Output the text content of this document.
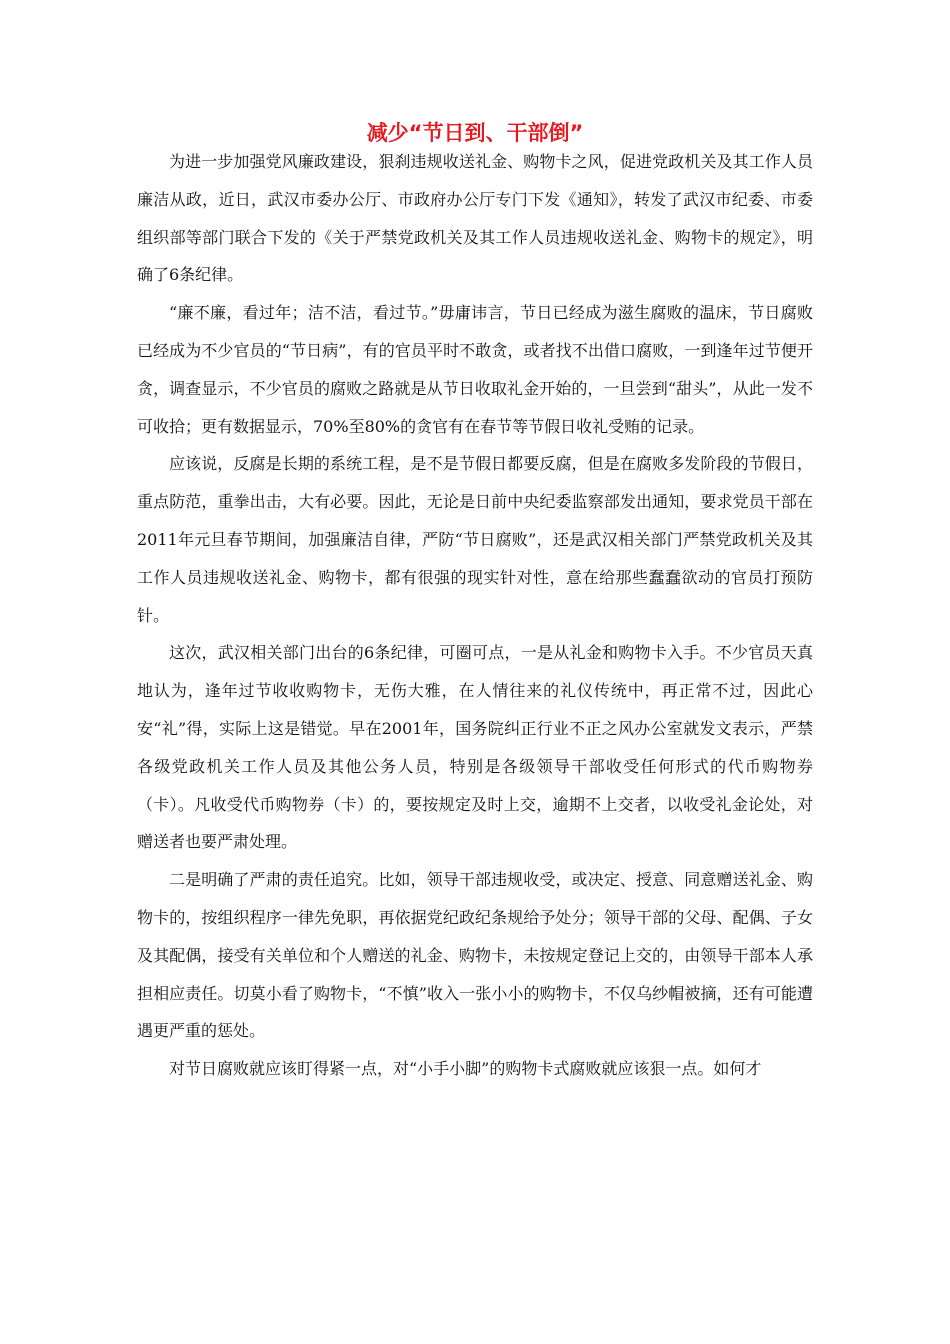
减少“节日到、干部倒”

为进一步加强党风廉政建设，狠刹违规收送礼金、购物卡之风，促进党政机关及其工作人员廉洁从政，近日，武汉市委办公厅、市政府办公厅专门下发《通知》，转发了武汉市纪委、市委组织部等部门联合下发的《关于严禁党政机关及其工作人员违规收送礼金、购物卡的规定》，明确了6条纪律。

“廉不廉，看过年；洁不洁，看过节。”毋庸讳言，节日已经成为滋生腐败的温床，节日腐败已经成为不少官员的“节日病”，有的官员平时不敢贪，或者找不出借口腐败，一到逢年过节便开贪，调查显示，不少官员的腐败之路就是从节日收取礼金开始的，一旦尝到“甜头”，从此一发不可收拾；更有数据显示，70%至80%的贪官有在春节等节假日收礼受贿的记录。

应该说，反腐是长期的系统工程，是不是节假日都要反腐，但是在腐败多发阶段的节假日，重点防范，重拳出击，大有必要。因此，无论是日前中央纪委监察部发出通知，要求党员干部在2011年元旦春节期间，加强廉洁自律，严防“节日腐败”，还是武汉相关部门严禁党政机关及其工作人员违规收送礼金、购物卡，都有很强的现实针对性，意在给那些蠢蠢欲动的官员打预防针。

这次，武汉相关部门出台的6条纪律，可圈可点，一是从礼金和购物卡入手。不少官员天真地认为，逢年过节收收购物卡，无伤大雅，在人情往来的礼仪传统中，再正常不过，因此心安“礼”得，实际上这是错觉。早在2001年，国务院纠正行业不正之风办公室就发文表示，严禁各级党政机关工作人员及其他公务人员，特别是各级领导干部收受任何形式的代币购物券（卡）。凡收受代币购物券（卡）的，要按规定及时上交，逾期不上交者，以收受礼金论处，对赠送者也要严肃处理。

二是明确了严肃的责任追究。比如，领导干部违规收受，或决定、授意、同意赠送礼金、购物卡的，按组织程序一律先免职，再依据党纪政纪条规给予处分；领导干部的父母、配偶、子女及其配偶，接受有关单位和个人赠送的礼金、购物卡，未按规定登记上交的，由领导干部本人承担相应责任。切莫小看了购物卡，“不慎”收入一张小小的购物卡，不仅乌纱帽被摘，还有可能遭遇更严重的惩处。

对节日腐败就应该盯得紧一点，对“小手小脚”的购物卡式腐败就应该狠一点。如何才
